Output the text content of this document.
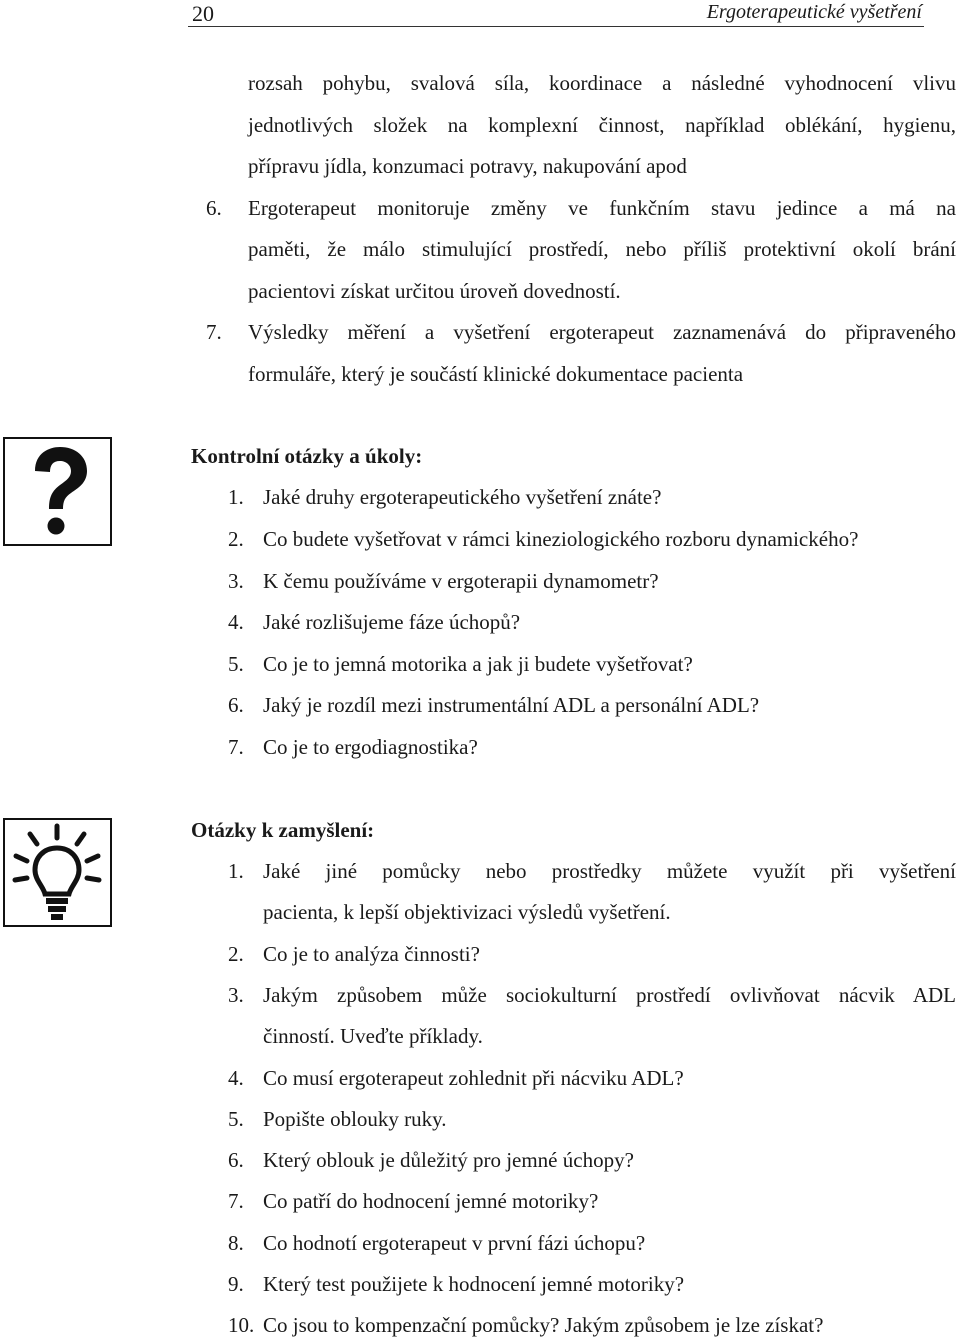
20	Ergoterapeutické vyšetření
rozsah pohybu, svalová síla, koordinace a následné vyhodnocení vlivu
jednotlivých složek na komplexní činnost, například oblékání, hygienu,
přípravu jídla, konzumaci potravy, nakupování apod
6. Ergoterapeut monitoruje změny ve funkčním stavu jedince a má na
paměti, že málo stimulující prostředí, nebo příliš protektivní okolí brání
pacientovi získat určitou úroveň dovedností.
7. Výsledky měření a vyšetření ergoterapeut zaznamenává do připraveného
formuláře, který je součástí klinické dokumentace pacienta
Kontrolní otázky a úkoly:
1. Jaké druhy ergoterapeutického vyšetření znáte?
2. Co budete vyšetřovat v rámci kineziologického rozboru dynamického?
3. K čemu používáme v ergoterapii dynamometr?
4. Jaké rozlišujeme fáze úchopů?
5. Co je to jemná motorika a jak ji budete vyšetřovat?
6. Jaký je rozdíl mezi instrumentální ADL a personální ADL?
7. Co je to ergodiagnostika?
Otázky k zamyšlení:
1. Jaké jiné pomůcky nebo prostředky můžete využít při vyšetření
pacienta, k lepší objektivizaci výsledů vyšetření.
2. Co je to analýza činnosti?
3. Jakým způsobem může sociokulturní prostředí ovlivňovat nácvik ADL
činností. Uveďte příklady.
4. Co musí ergoterapeut zohlednit při nácviku ADL?
5. Popište oblouky ruky.
6. Který oblouk je důležitý pro jemné úchopy?
7. Co patří do hodnocení jemné motoriky?
8. Co hodnotí ergoterapeut v první fázi úchopu?
9. Který test použijete k hodnocení jemné motoriky?
10. Co jsou to kompenzační pomůcky? Jakým způsobem je lze získat?
